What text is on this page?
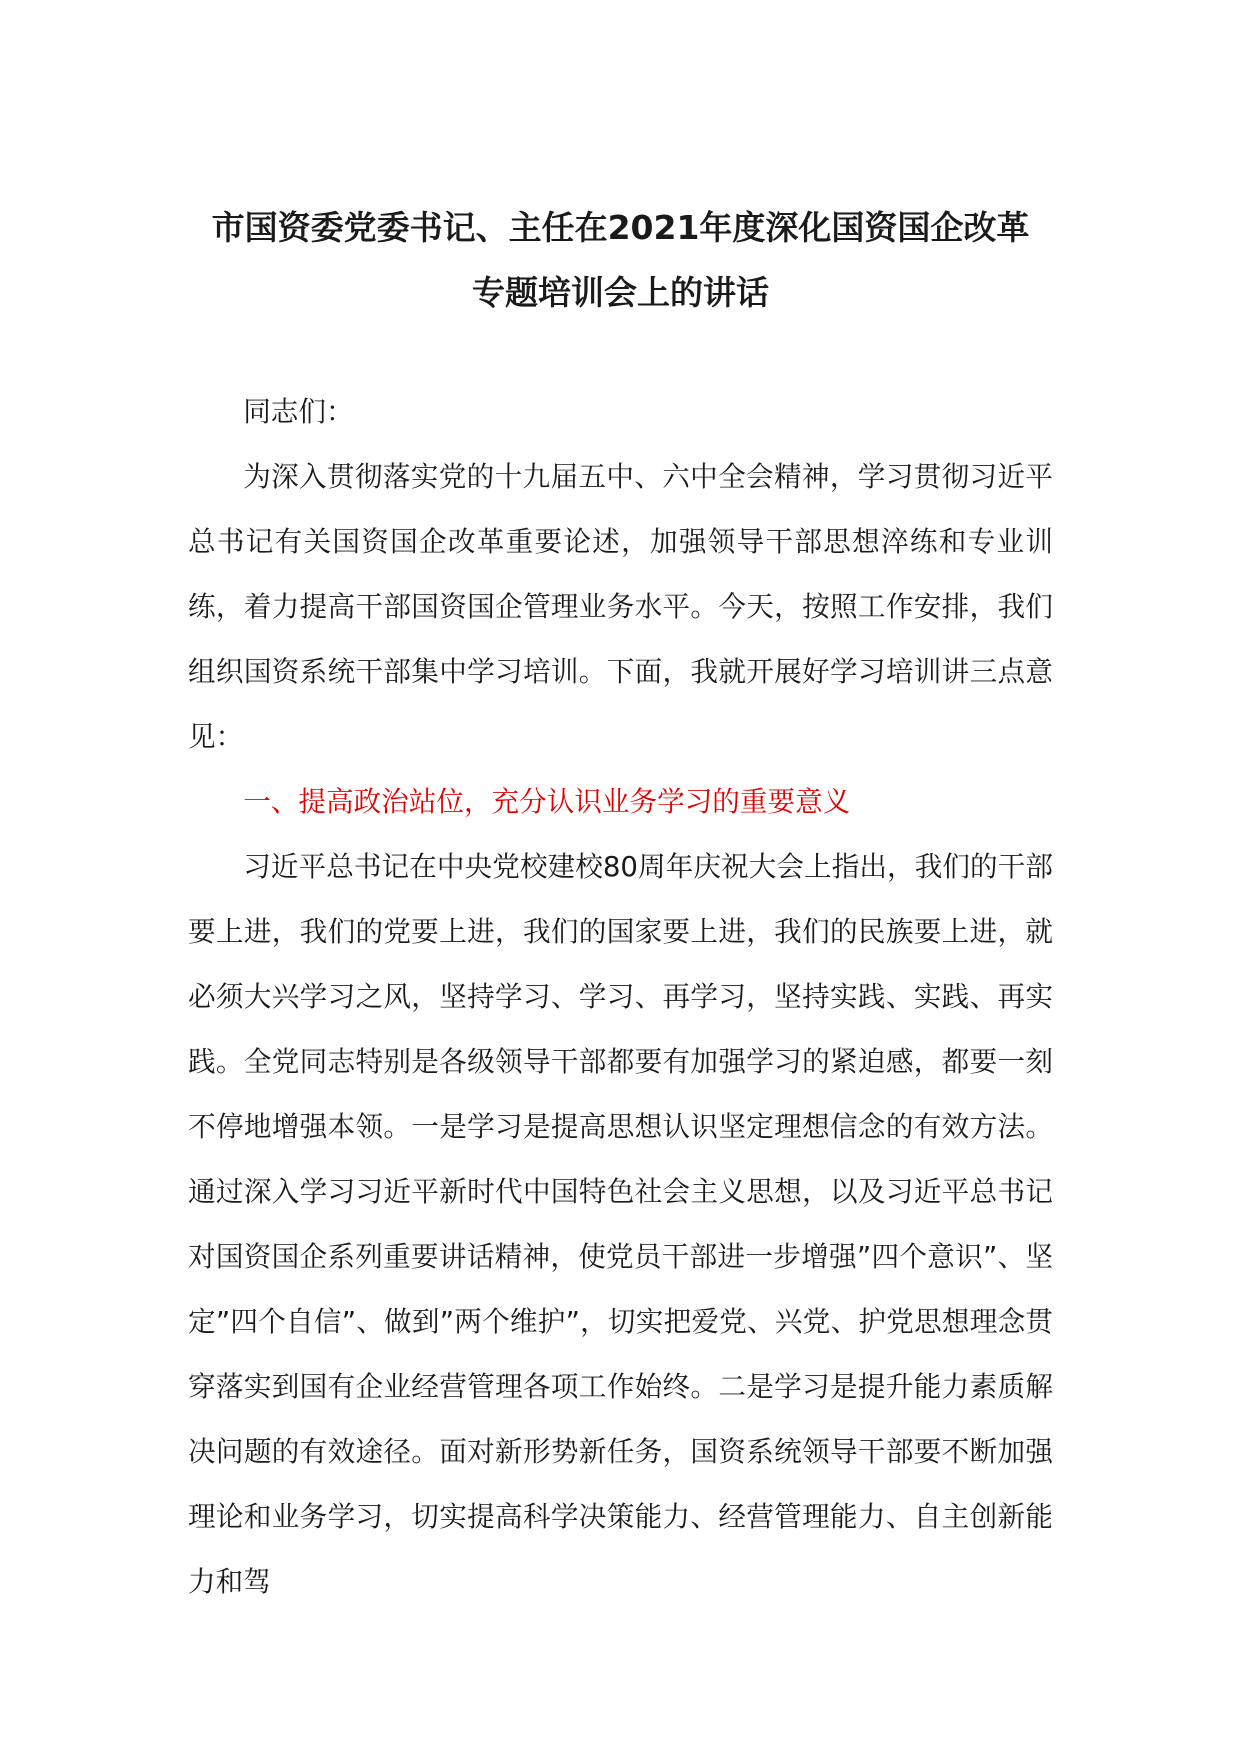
市国资委党委书记、主任在2021年度深化国资国企改革
专题培训会上的讲话

同志们：

为深入贯彻落实党的十九届五中、六中全会精神，学习贯彻习近平总书记有关国资国企改革重要论述，加强领导干部思想淬练和专业训练，着力提高干部国资国企管理业务水平。今天，按照工作安排，我们组织国资系统干部集中学习培训。下面，我就开展好学习培训讲三点意见：

一、提高政治站位，充分认识业务学习的重要意义

习近平总书记在中央党校建校80周年庆祝大会上指出，我们的干部要上进，我们的党要上进，我们的国家要上进，我们的民族要上进，就必须大兴学习之风，坚持学习、学习、再学习，坚持实践、实践、再实践。全党同志特别是各级领导干部都要有加强学习的紧迫感，都要一刻不停地增强本领。一是学习是提高思想认识坚定理想信念的有效方法。通过深入学习习近平新时代中国特色社会主义思想，以及习近平总书记对国资国企系列重要讲话精神，使党员干部进一步增强”四个意识”、坚定”四个自信”、做到”两个维护”，切实把爱党、兴党、护党思想理念贯穿落实到国有企业经营管理各项工作始终。二是学习是提升能力素质解决问题的有效途径。面对新形势新任务，国资系统领导干部要不断加强理论和业务学习，切实提高科学决策能力、经营管理能力、自主创新能力和驾
